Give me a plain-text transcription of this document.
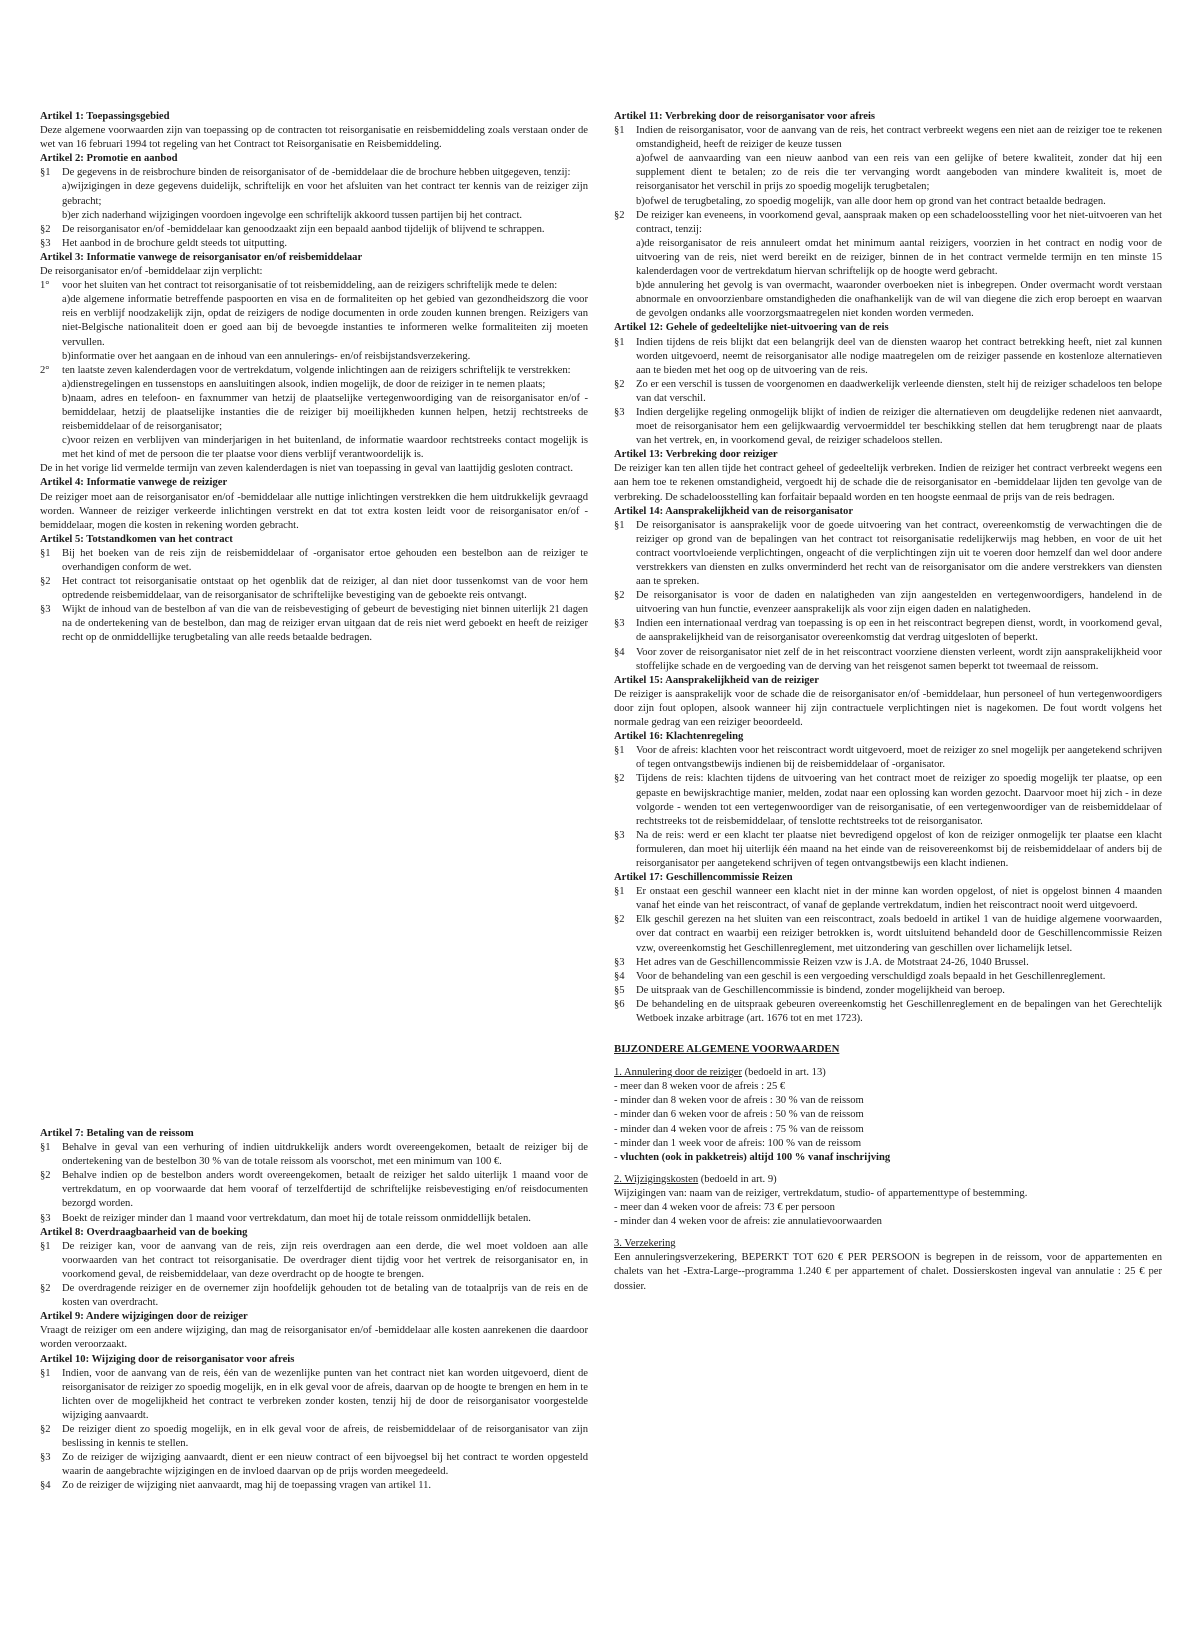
Artikel 1: Toepassingsgebied

Deze algemene voorwaarden zijn van toepassing op de contracten tot reisorganisatie en reisbemiddeling zoals verstaan onder de wet van 16 februari 1994 tot regeling van het Contract tot Reisorganisatie en Reisbemiddeling.

Artikel 2: Promotie en aanbod

§1	De gegevens in de reisbrochure binden de reisorganisator of de -bemiddelaar die de brochure hebben uitgegeven, tenzij:

a)wijzigingen in deze gegevens duidelijk, schriftelijk en voor het afsluiten van het contract ter kennis van de reiziger zijn gebracht;

b)er zich naderhand wijzigingen voordoen ingevolge een schriftelijk akkoord tussen partijen bij het contract.

§2	De reisorganisator en/of -bemiddelaar kan genoodzaakt zijn een bepaald aanbod tijdelijk of blijvend te schrappen.
§3	Het aanbod in de brochure geldt steeds tot uitputting.

Artikel 3: Informatie vanwege de reisorganisator en/of reisbemiddelaar

De reisorganisator en/of -bemiddelaar zijn verplicht:

1°	voor het sluiten van het contract tot reisorganisatie of tot reisbemiddeling, aan de reizigers schriftelijk mede te delen:

a)de algemene informatie betreffende paspoorten en visa en de formaliteiten op het gebied van gezondheidszorg die voor reis en verblijf noodzakelijk zijn, opdat de reizigers de nodige documenten in orde zouden kunnen brengen. Reizigers van niet-Belgische nationaliteit doen er goed aan bij de bevoegde instanties te informeren welke formaliteiten zij moeten vervullen.

b)informatie over het aangaan en de inhoud van een annulerings- en/of reisbijstandsverzekering.

2°	ten laatste zeven kalenderdagen voor de vertrekdatum, volgende inlichtingen aan de reizigers schriftelijk te verstrekken:

a)dienstregelingen en tussenstops en aansluitingen alsook, indien mogelijk, de door de reiziger in te nemen plaats;

b)naam, adres en telefoon- en faxnummer van hetzij de plaatselijke vertegenwoordiging van de reisorganisator en/of -bemiddelaar, hetzij de plaatselijke instanties die de reiziger bij moeilijkheden kunnen helpen, hetzij rechtstreeks de reisbemiddelaar of de reisorganisator;

c)voor reizen en verblijven van minderjarigen in het buitenland, de informatie waardoor rechtstreeks contact mogelijk is met het kind of met de persoon die ter plaatse voor diens verblijf verantwoordelijk is.

De in het vorige lid vermelde termijn van zeven kalenderdagen is niet van toepassing in geval van laattijdig gesloten contract.

Artikel 4: Informatie vanwege de reiziger

De reiziger moet aan de reisorganisator en/of -bemiddelaar alle nuttige inlichtingen verstrekken die hem uitdrukkelijk gevraagd worden. Wanneer de reiziger verkeerde inlichtingen verstrekt en dat tot extra kosten leidt voor de reisorganisator en/of -bemiddelaar, mogen die kosten in rekening worden gebracht.

Artikel 5: Totstandkomen van het contract

§1	Bij het boeken van de reis zijn de reisbemiddelaar of -organisator ertoe gehouden een bestelbon aan de reiziger te overhandigen conform de wet.
§2	Het contract tot reisorganisatie ontstaat op het ogenblik dat de reiziger, al dan niet door tussenkomst van de voor hem optredende reisbemiddelaar, van de reisorganisator de schriftelijke bevestiging van de geboekte reis ontvangt.
§3	Wijkt de inhoud van de bestelbon af van die van de reisbevestiging of gebeurt de bevestiging niet binnen uiterlijk 21 dagen na de ondertekening van de bestelbon, dan mag de reiziger ervan uitgaan dat de reis niet werd geboekt en heeft de reiziger recht op de onmiddellijke terugbetaling van alle reeds betaalde bedragen.

Artikel 7: Betaling van de reissom

§1	Behalve in geval van een verhuring of indien uitdrukkelijk anders wordt overeengekomen, betaalt de reiziger bij de ondertekening van de bestelbon 30 % van de totale reissom als voorschot, met een minimum van 100 €.
§2	Behalve indien op de bestelbon anders wordt overeengekomen, betaalt de reiziger het saldo uiterlijk 1 maand voor de vertrekdatum, en op voorwaarde dat hem vooraf of terzelfdertijd de schriftelijke reisbevestiging en/of reisdocumenten bezorgd worden.
§3	Boekt de reiziger minder dan 1 maand voor vertrekdatum, dan moet hij de totale reissom onmiddellijk betalen.

Artikel 8: Overdraagbaarheid van de boeking

§1	De reiziger kan, voor de aanvang van de reis, zijn reis overdragen aan een derde, die wel moet voldoen aan alle voorwaarden van het contract tot reisorganisatie. De overdrager dient tijdig voor het vertrek de reisorganisator en, in voorkomend geval, de reisbemiddelaar, van deze overdracht op de hoogte te brengen.
§2	De overdragende reiziger en de overnemer zijn hoofdelijk gehouden tot de betaling van de totaalprijs van de reis en de kosten van overdracht.

Artikel 9: Andere wijzigingen door de reiziger

Vraagt de reiziger om een andere wijziging, dan mag de reisorganisator en/of -bemiddelaar alle kosten aanrekenen die daardoor worden veroorzaakt.

Artikel 10: Wijziging door de reisorganisator voor afreis

§1	Indien, voor de aanvang van de reis, één van de wezenlijke punten van het contract niet kan worden uitgevoerd, dient de reisorganisator de reiziger zo spoedig mogelijk, en in elk geval voor de afreis, daarvan op de hoogte te brengen en hem in te lichten over de mogelijkheid het contract te verbreken zonder kosten, tenzij hij de door de reisorganisator voorgestelde wijziging aanvaardt.
§2	De reiziger dient zo spoedig mogelijk, en in elk geval voor de afreis, de reisbemiddelaar of de reisorganisator van zijn beslissing in kennis te stellen.
§3	Zo de reiziger de wijziging aanvaardt, dient er een nieuw contract of een bijvoegsel bij het contract te worden opgesteld waarin de aangebrachte wijzigingen en de invloed daarvan op de prijs worden meegedeeld.
§4	Zo de reiziger de wijziging niet aanvaardt, mag hij de toepassing vragen van artikel 11.

Artikel 11: Verbreking door de reisorganisator voor afreis

§1	Indien de reisorganisator, voor de aanvang van de reis, het contract verbreekt wegens een niet aan de reiziger toe te rekenen omstandigheid, heeft de reiziger de keuze tussen

a)ofwel de aanvaarding van een nieuw aanbod van een reis van een gelijke of betere kwaliteit, zonder dat hij een supplement dient te betalen; zo de reis die ter vervanging wordt aangeboden van mindere kwaliteit is, moet de reisorganisator het verschil in prijs zo spoedig mogelijk terugbetalen;

b)ofwel de terugbetaling, zo spoedig mogelijk, van alle door hem op grond van het contract betaalde bedragen.

§2	De reiziger kan eveneens, in voorkomend geval, aanspraak maken op een schadeloosstelling voor het niet-uitvoeren van het contract, tenzij:

a)de reisorganisator de reis annuleert omdat het minimum aantal reizigers, voorzien in het contract en nodig voor de uitvoering van de reis, niet werd bereikt en de reiziger, binnen de in het contract vermelde termijn en ten minste 15 kalenderdagen voor de vertrekdatum hiervan schriftelijk op de hoogte werd gebracht.

b)de annulering het gevolg is van overmacht, waaronder overboeken niet is inbegrepen. Onder overmacht wordt verstaan abnormale en onvoorzienbare omstandigheden die onafhankelijk van de wil van diegene die zich erop beroept en waarvan de gevolgen ondanks alle voorzorgsmaatregelen niet konden worden vermeden.

Artikel 12: Gehele of gedeeltelijke niet-uitvoering van de reis

§1	Indien tijdens de reis blijkt dat een belangrijk deel van de diensten waarop het contract betrekking heeft, niet zal kunnen worden uitgevoerd, neemt de reisorganisator alle nodige maatregelen om de reiziger passende en kostenloze alternatieven aan te bieden met het oog op de uitvoering van de reis.
§2	Zo er een verschil is tussen de voorgenomen en daadwerkelijk verleende diensten, stelt hij de reiziger schadeloos ten belope van dat verschil.
§3	Indien dergelijke regeling onmogelijk blijkt of indien de reiziger die alternatieven om deugdelijke redenen niet aanvaardt, moet de reisorganisator hem een gelijkwaardig vervoermiddel ter beschikking stellen dat hem terugbrengt naar de plaats van het vertrek, en, in voorkomend geval, de reiziger schadeloos stellen.

Artikel 13: Verbreking door reiziger

De reiziger kan ten allen tijde het contract geheel of gedeeltelijk verbreken. Indien de reiziger het contract verbreekt wegens een aan hem toe te rekenen omstandigheid, vergoedt hij de schade die de reisorganisator en -bemiddelaar lijden ten gevolge van de verbreking. De schadeloosstelling kan forfaitair bepaald worden en ten hoogste eenmaal de prijs van de reis bedragen.

Artikel 14: Aansprakelijkheid van de reisorganisator

§1	De reisorganisator is aansprakelijk voor de goede uitvoering van het contract, overeenkomstig de verwachtingen die de reiziger op grond van de bepalingen van het contract tot reisorganisatie redelijkerwijs mag hebben, en voor de uit het contract voortvloeiende verplichtingen, ongeacht of die verplichtingen zijn uit te voeren door hemzelf dan wel door andere verstrekkers van diensten en zulks onverminderd het recht van de reisorganisator om die andere verstrekkers van diensten aan te spreken.
§2	De reisorganisator is voor de daden en nalatigheden van zijn aangestelden en vertegenwoordigers, handelend in de uitvoering van hun functie, evenzeer aansprakelijk als voor zijn eigen daden en nalatigheden.
§3	Indien een internationaal verdrag van toepassing is op een in het reiscontract begrepen dienst, wordt, in voorkomend geval, de aansprakelijkheid van de reisorganisator overeenkomstig dat verdrag uitgesloten of beperkt.
§4	Voor zover de reisorganisator niet zelf de in het reiscontract voorziene diensten verleent, wordt zijn aansprakelijkheid voor stoffelijke schade en de vergoeding van de derving van het reisgenot samen beperkt tot tweemaal de reissom.

Artikel 15: Aansprakelijkheid van de reiziger

De reiziger is aansprakelijk voor de schade die de reisorganisator en/of -bemiddelaar, hun personeel of hun vertegenwoordigers door zijn fout oplopen, alsook wanneer hij zijn contractuele verplichtingen niet is nagekomen. De fout wordt volgens het normale gedrag van een reiziger beoordeeld.

Artikel 16: Klachtenregeling

§1	Voor de afreis: klachten voor het reiscontract wordt uitgevoerd, moet de reiziger zo snel mogelijk per aangetekend schrijven of tegen ontvangstbewijs indienen bij de reisbemiddelaar of -organisator.
§2	Tijdens de reis: klachten tijdens de uitvoering van het contract moet de reiziger zo spoedig mogelijk ter plaatse, op een gepaste en bewijskrachtige manier, melden, zodat naar een oplossing kan worden gezocht. Daarvoor moet hij zich - in deze volgorde - wenden tot een vertegenwoordiger van de reisorganisatie, of een vertegenwoordiger van de reisbemiddelaar of rechtstreeks tot de reisbemiddelaar, of tenslotte rechtstreeks tot de reisorganisator.
§3	Na de reis: werd er een klacht ter plaatse niet bevredigend opgelost of kon de reiziger onmogelijk ter plaatse een klacht formuleren, dan moet hij uiterlijk één maand na het einde van de reisovereenkomst bij de reisbemiddelaar of anders bij de reisorganisator per aangetekend schrijven of tegen ontvangstbewijs een klacht indienen.

Artikel 17: Geschillencommissie Reizen

§1	Er onstaat een geschil wanneer een klacht niet in der minne kan worden opgelost, of niet is opgelost binnen 4 maanden vanaf het einde van het reiscontract, of vanaf de geplande vertrekdatum, indien het reiscontract nooit werd uitgevoerd.
§2	Elk geschil gerezen na het sluiten van een reiscontract, zoals bedoeld in artikel 1 van de huidige algemene voorwaarden, over dat contract en waarbij een reiziger betrokken is, wordt uitsluitend behandeld door de Geschillencommissie Reizen vzw, overeenkomstig het Geschillenreglement, met uitzondering van geschillen over lichamelijk letsel.
§3	Het adres van de Geschillencommissie Reizen vzw is J.A. de Motstraat 24-26, 1040 Brussel.
§4	Voor de behandeling van een geschil is een vergoeding verschuldigd zoals bepaald in het Geschillenreglement.
§5	De uitspraak van de Geschillencommissie is bindend, zonder mogelijkheid van beroep.
§6	De behandeling en de uitspraak gebeuren overeenkomstig het Geschillenreglement en de bepalingen van het Gerechtelijk Wetboek inzake arbitrage (art. 1676 tot en met 1723).

BIJZONDERE ALGEMENE VOORWAARDEN

1. Annulering door de reiziger (bedoeld in art. 13)

- meer dan 8 weken voor de afreis : 25 €

- minder dan 8 weken voor de afreis : 30 % van de reissom

- minder dan 6 weken voor de afreis : 50 % van de reissom

- minder dan 4 weken voor de afreis : 75 % van de reissom

- minder dan 1 week voor de afreis: 100 % van de reissom

- vluchten (ook in pakketreis) altijd 100 % vanaf inschrijving

2. Wijzigingskosten (bedoeld in art. 9)

Wijzigingen van: naam van de reiziger, vertrekdatum, studio- of appartementtype of bestemming.

- meer dan 4 weken voor de afreis: 73 € per persoon

- minder dan 4 weken voor de afreis: zie annulatievoorwaarden

3. Verzekering

Een annuleringsverzekering, BEPERKT TOT 620 € PER PERSOON is begrepen in de reissom, voor de appartementen en chalets van het -Extra-Large--programma 1.240 € per appartement of chalet. Dossierskosten ingeval van annulatie : 25 € per dossier.
